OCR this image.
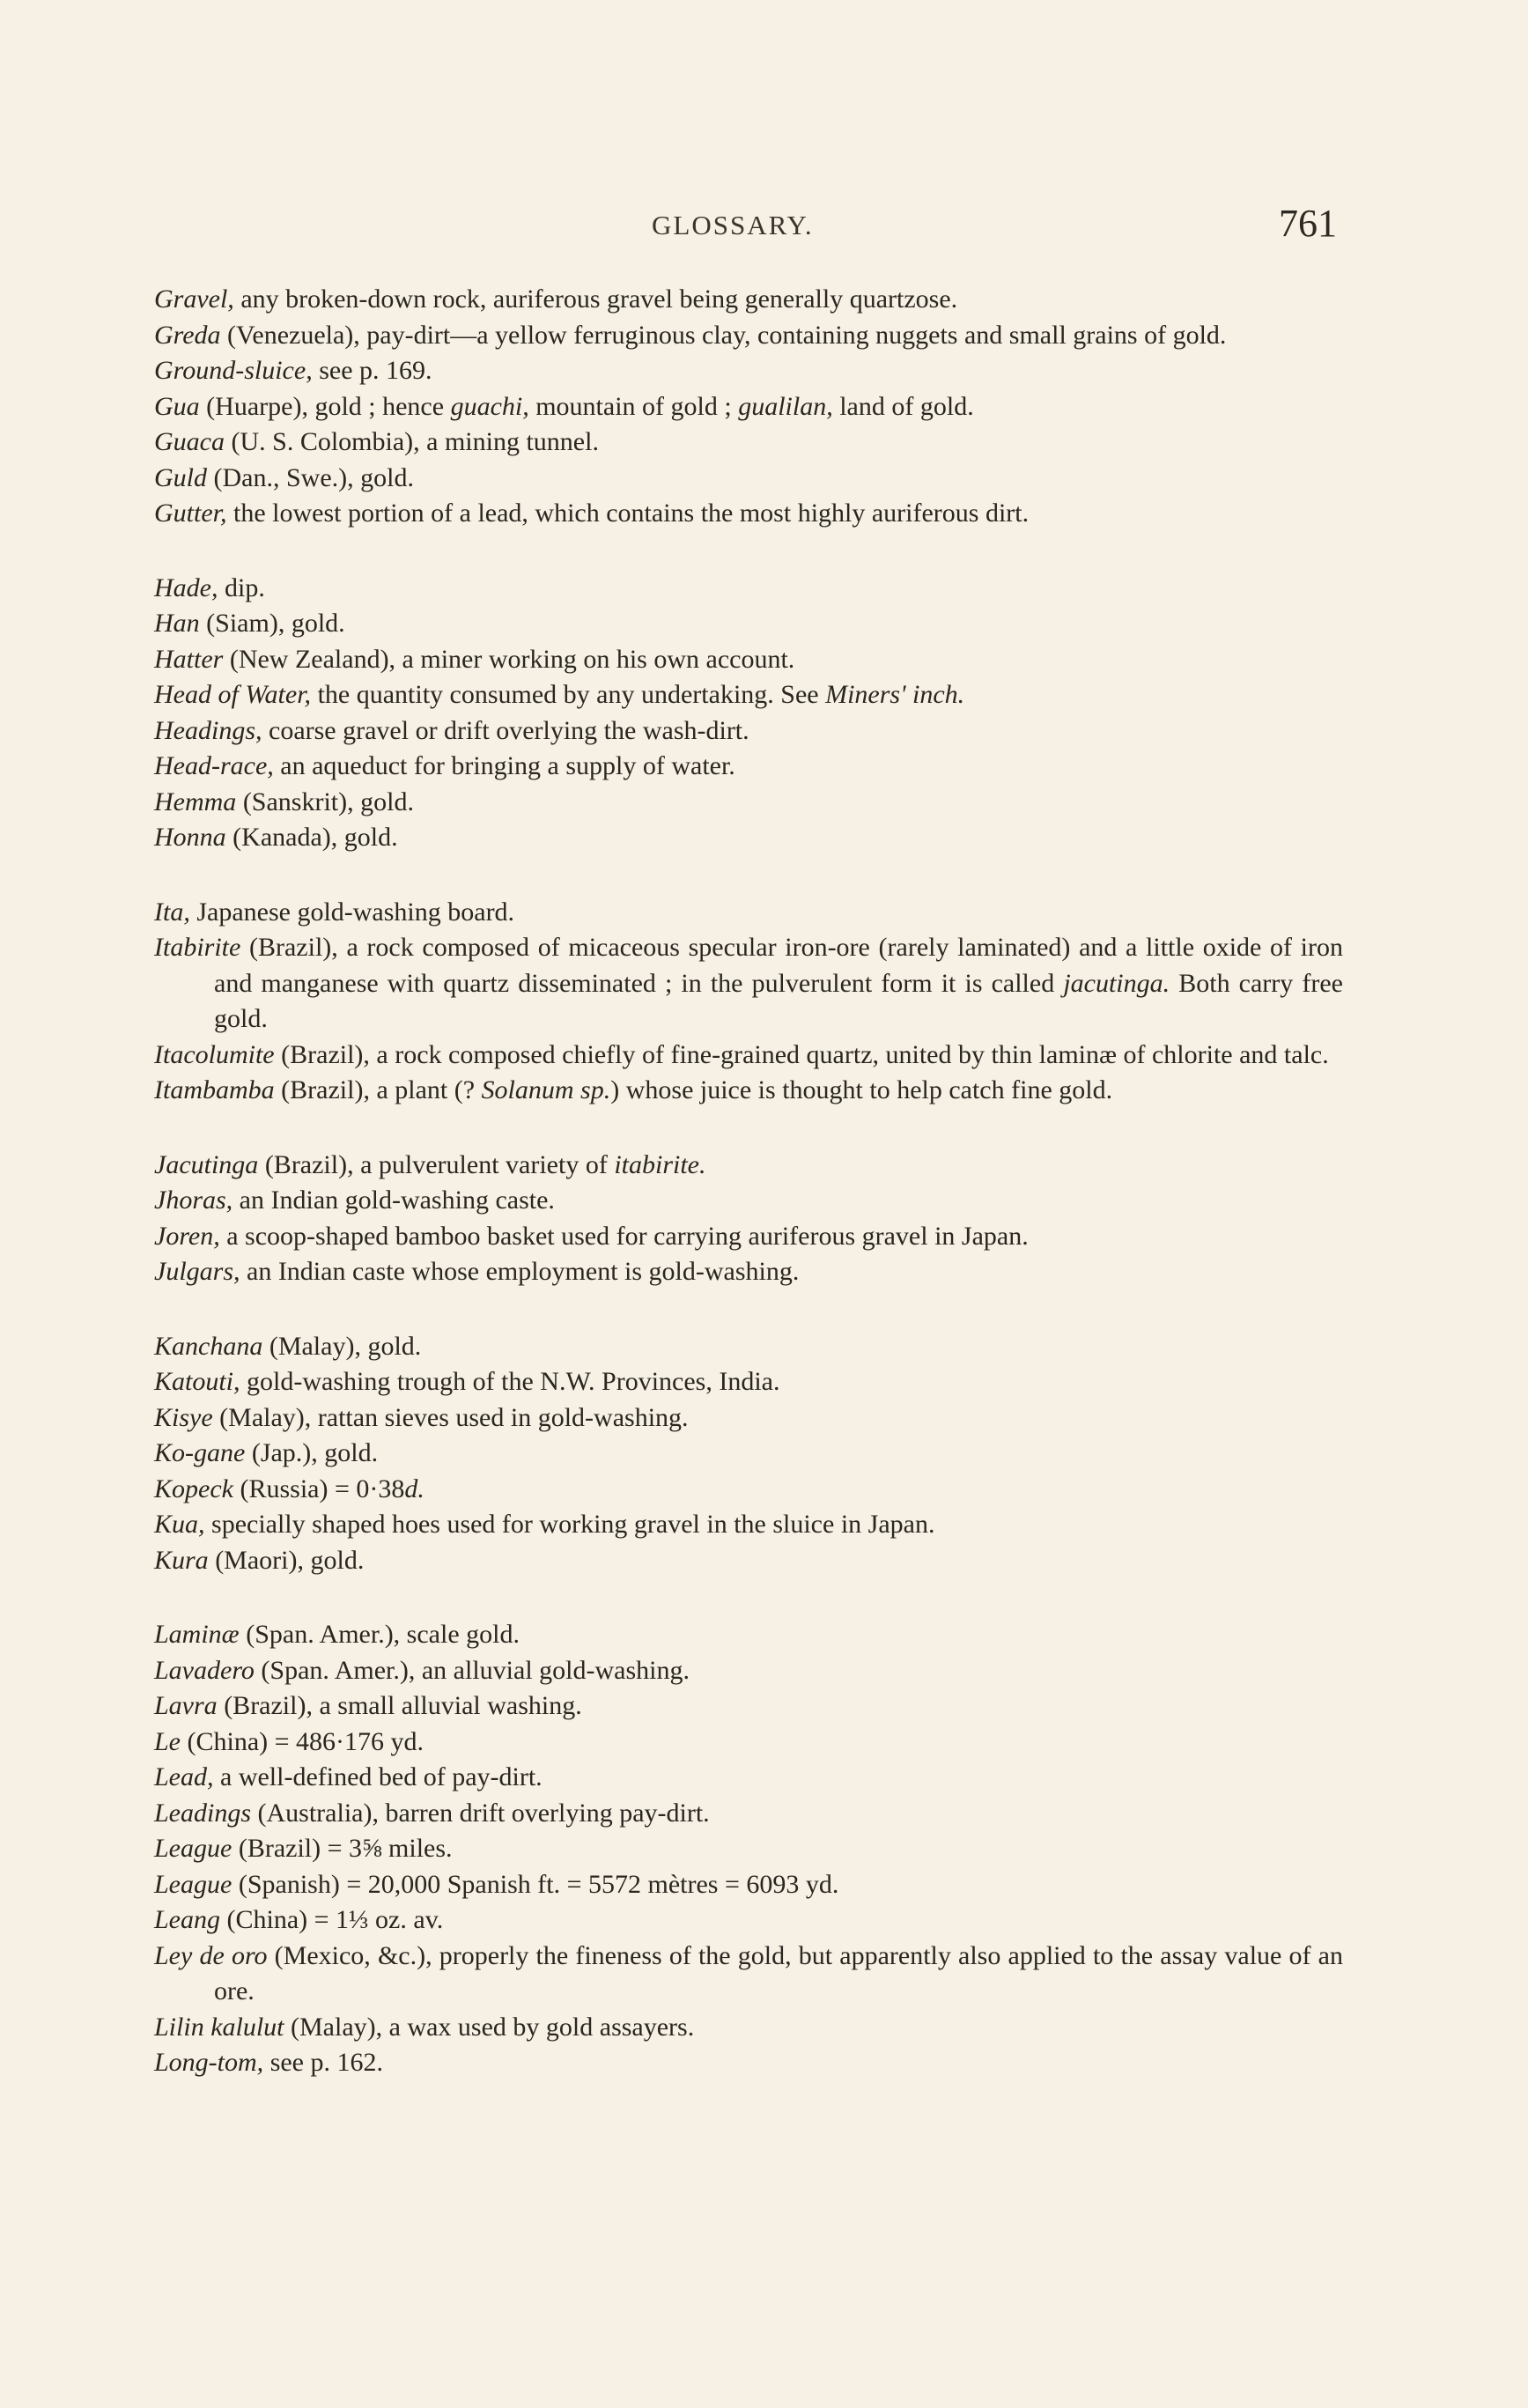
GLOSSARY.	761

Gravel, any broken-down rock, auriferous gravel being generally quartzose.

Greda (Venezuela), pay-dirt—a yellow ferruginous clay, containing nuggets and small grains of gold.

Ground-sluice, see p. 169.

Gua (Huarpe), gold ; hence guachi, mountain of gold ; gualilan, land of gold.

Guaca (U. S. Colombia), a mining tunnel.

Guld (Dan., Swe.), gold.

Gutter, the lowest portion of a lead, which contains the most highly auriferous dirt.

Hade, dip.

Han (Siam), gold.

Hatter (New Zealand), a miner working on his own account.

Head of Water, the quantity consumed by any undertaking. See Miners' inch.

Headings, coarse gravel or drift overlying the wash-dirt.

Head-race, an aqueduct for bringing a supply of water.

Hemma (Sanskrit), gold.

Honna (Kanada), gold.

Ita, Japanese gold-washing board.

Itabirite (Brazil), a rock composed of micaceous specular iron-ore (rarely laminated) and a little oxide of iron and manganese with quartz disseminated ; in the pulverulent form it is called jacutinga. Both carry free gold.

Itacolumite (Brazil), a rock composed chiefly of fine-grained quartz, united by thin laminæ of chlorite and talc.

Itambamba (Brazil), a plant (? Solanum sp.) whose juice is thought to help catch fine gold.

Jacutinga (Brazil), a pulverulent variety of itabirite.

Jhoras, an Indian gold-washing caste.

Joren, a scoop-shaped bamboo basket used for carrying auriferous gravel in Japan.

Julgars, an Indian caste whose employment is gold-washing.

Kanchana (Malay), gold.

Katouti, gold-washing trough of the N.W. Provinces, India.

Kisye (Malay), rattan sieves used in gold-washing.

Ko-gane (Jap.), gold.

Kopeck (Russia) = 0·38d.

Kua, specially shaped hoes used for working gravel in the sluice in Japan.

Kura (Maori), gold.

Laminæ (Span. Amer.), scale gold.

Lavadero (Span. Amer.), an alluvial gold-washing.

Lavra (Brazil), a small alluvial washing.

Le (China) = 486·176 yd.

Lead, a well-defined bed of pay-dirt.

Leadings (Australia), barren drift overlying pay-dirt.

League (Brazil) = 3⅝ miles.

League (Spanish) = 20,000 Spanish ft. = 5572 mètres = 6093 yd.

Leang (China) = 1⅓ oz. av.

Ley de oro (Mexico, &c.), properly the fineness of the gold, but apparently also applied to the assay value of an ore.

Lilin kalulut (Malay), a wax used by gold assayers.

Long-tom, see p. 162.
